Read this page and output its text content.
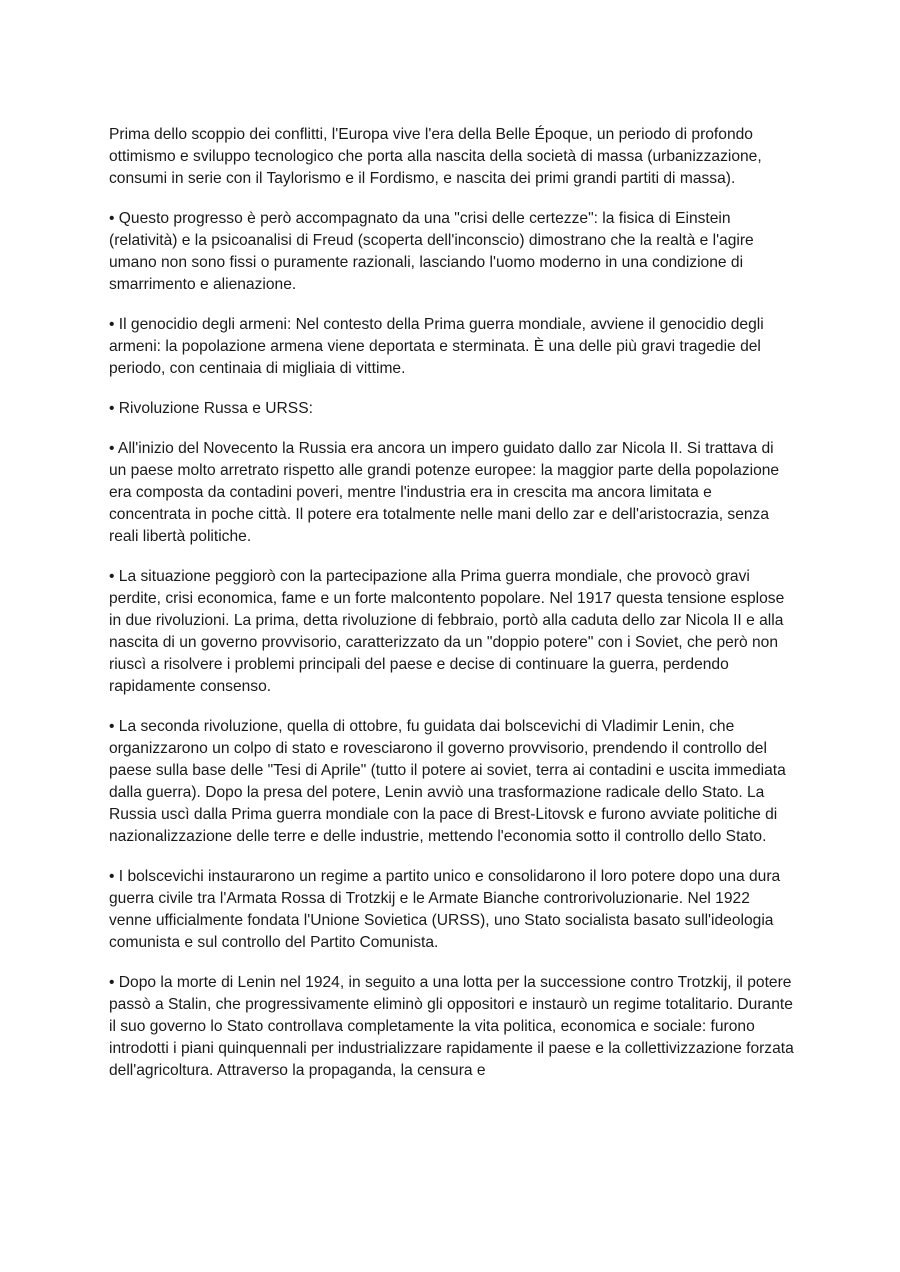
Prima dello scoppio dei conflitti, l'Europa vive l'era della Belle Époque, un periodo di profondo ottimismo e sviluppo tecnologico che porta alla nascita della società di massa (urbanizzazione, consumi in serie con il Taylorismo e il Fordismo, e nascita dei primi grandi partiti di massa).

• Questo progresso è però accompagnato da una "crisi delle certezze": la fisica di Einstein (relatività) e la psicoanalisi di Freud (scoperta dell'inconscio) dimostrano che la realtà e l'agire umano non sono fissi o puramente razionali, lasciando l'uomo moderno in una condizione di smarrimento e alienazione.

• Il genocidio degli armeni: Nel contesto della Prima guerra mondiale, avviene il genocidio degli armeni: la popolazione armena viene deportata e sterminata. È una delle più gravi tragedie del periodo, con centinaia di migliaia di vittime.

• Rivoluzione Russa e URSS:

• All'inizio del Novecento la Russia era ancora un impero guidato dallo zar Nicola II. Si trattava di un paese molto arretrato rispetto alle grandi potenze europee: la maggior parte della popolazione era composta da contadini poveri, mentre l'industria era in crescita ma ancora limitata e concentrata in poche città. Il potere era totalmente nelle mani dello zar e dell'aristocrazia, senza reali libertà politiche.

• La situazione peggiorò con la partecipazione alla Prima guerra mondiale, che provocò gravi perdite, crisi economica, fame e un forte malcontento popolare. Nel 1917 questa tensione esplose in due rivoluzioni. La prima, detta rivoluzione di febbraio, portò alla caduta dello zar Nicola II e alla nascita di un governo provvisorio, caratterizzato da un "doppio potere" con i Soviet, che però non riuscì a risolvere i problemi principali del paese e decise di continuare la guerra, perdendo rapidamente consenso.

• La seconda rivoluzione, quella di ottobre, fu guidata dai bolscevichi di Vladimir Lenin, che organizzarono un colpo di stato e rovesciarono il governo provvisorio, prendendo il controllo del paese sulla base delle "Tesi di Aprile" (tutto il potere ai soviet, terra ai contadini e uscita immediata dalla guerra). Dopo la presa del potere, Lenin avviò una trasformazione radicale dello Stato. La Russia uscì dalla Prima guerra mondiale con la pace di Brest-Litovsk e furono avviate politiche di nazionalizzazione delle terre e delle industrie, mettendo l'economia sotto il controllo dello Stato.

• I bolscevichi instaurarono un regime a partito unico e consolidarono il loro potere dopo una dura guerra civile tra l'Armata Rossa di Trotzkij e le Armate Bianche controrivoluzionarie. Nel 1922 venne ufficialmente fondata l'Unione Sovietica (URSS), uno Stato socialista basato sull'ideologia comunista e sul controllo del Partito Comunista.

• Dopo la morte di Lenin nel 1924, in seguito a una lotta per la successione contro Trotzkij, il potere passò a Stalin, che progressivamente eliminò gli oppositori e instaurò un regime totalitario. Durante il suo governo lo Stato controllava completamente la vita politica, economica e sociale: furono introdotti i piani quinquennali per industrializzare rapidamente il paese e la collettivizzazione forzata dell'agricoltura. Attraverso la propaganda, la censura e
